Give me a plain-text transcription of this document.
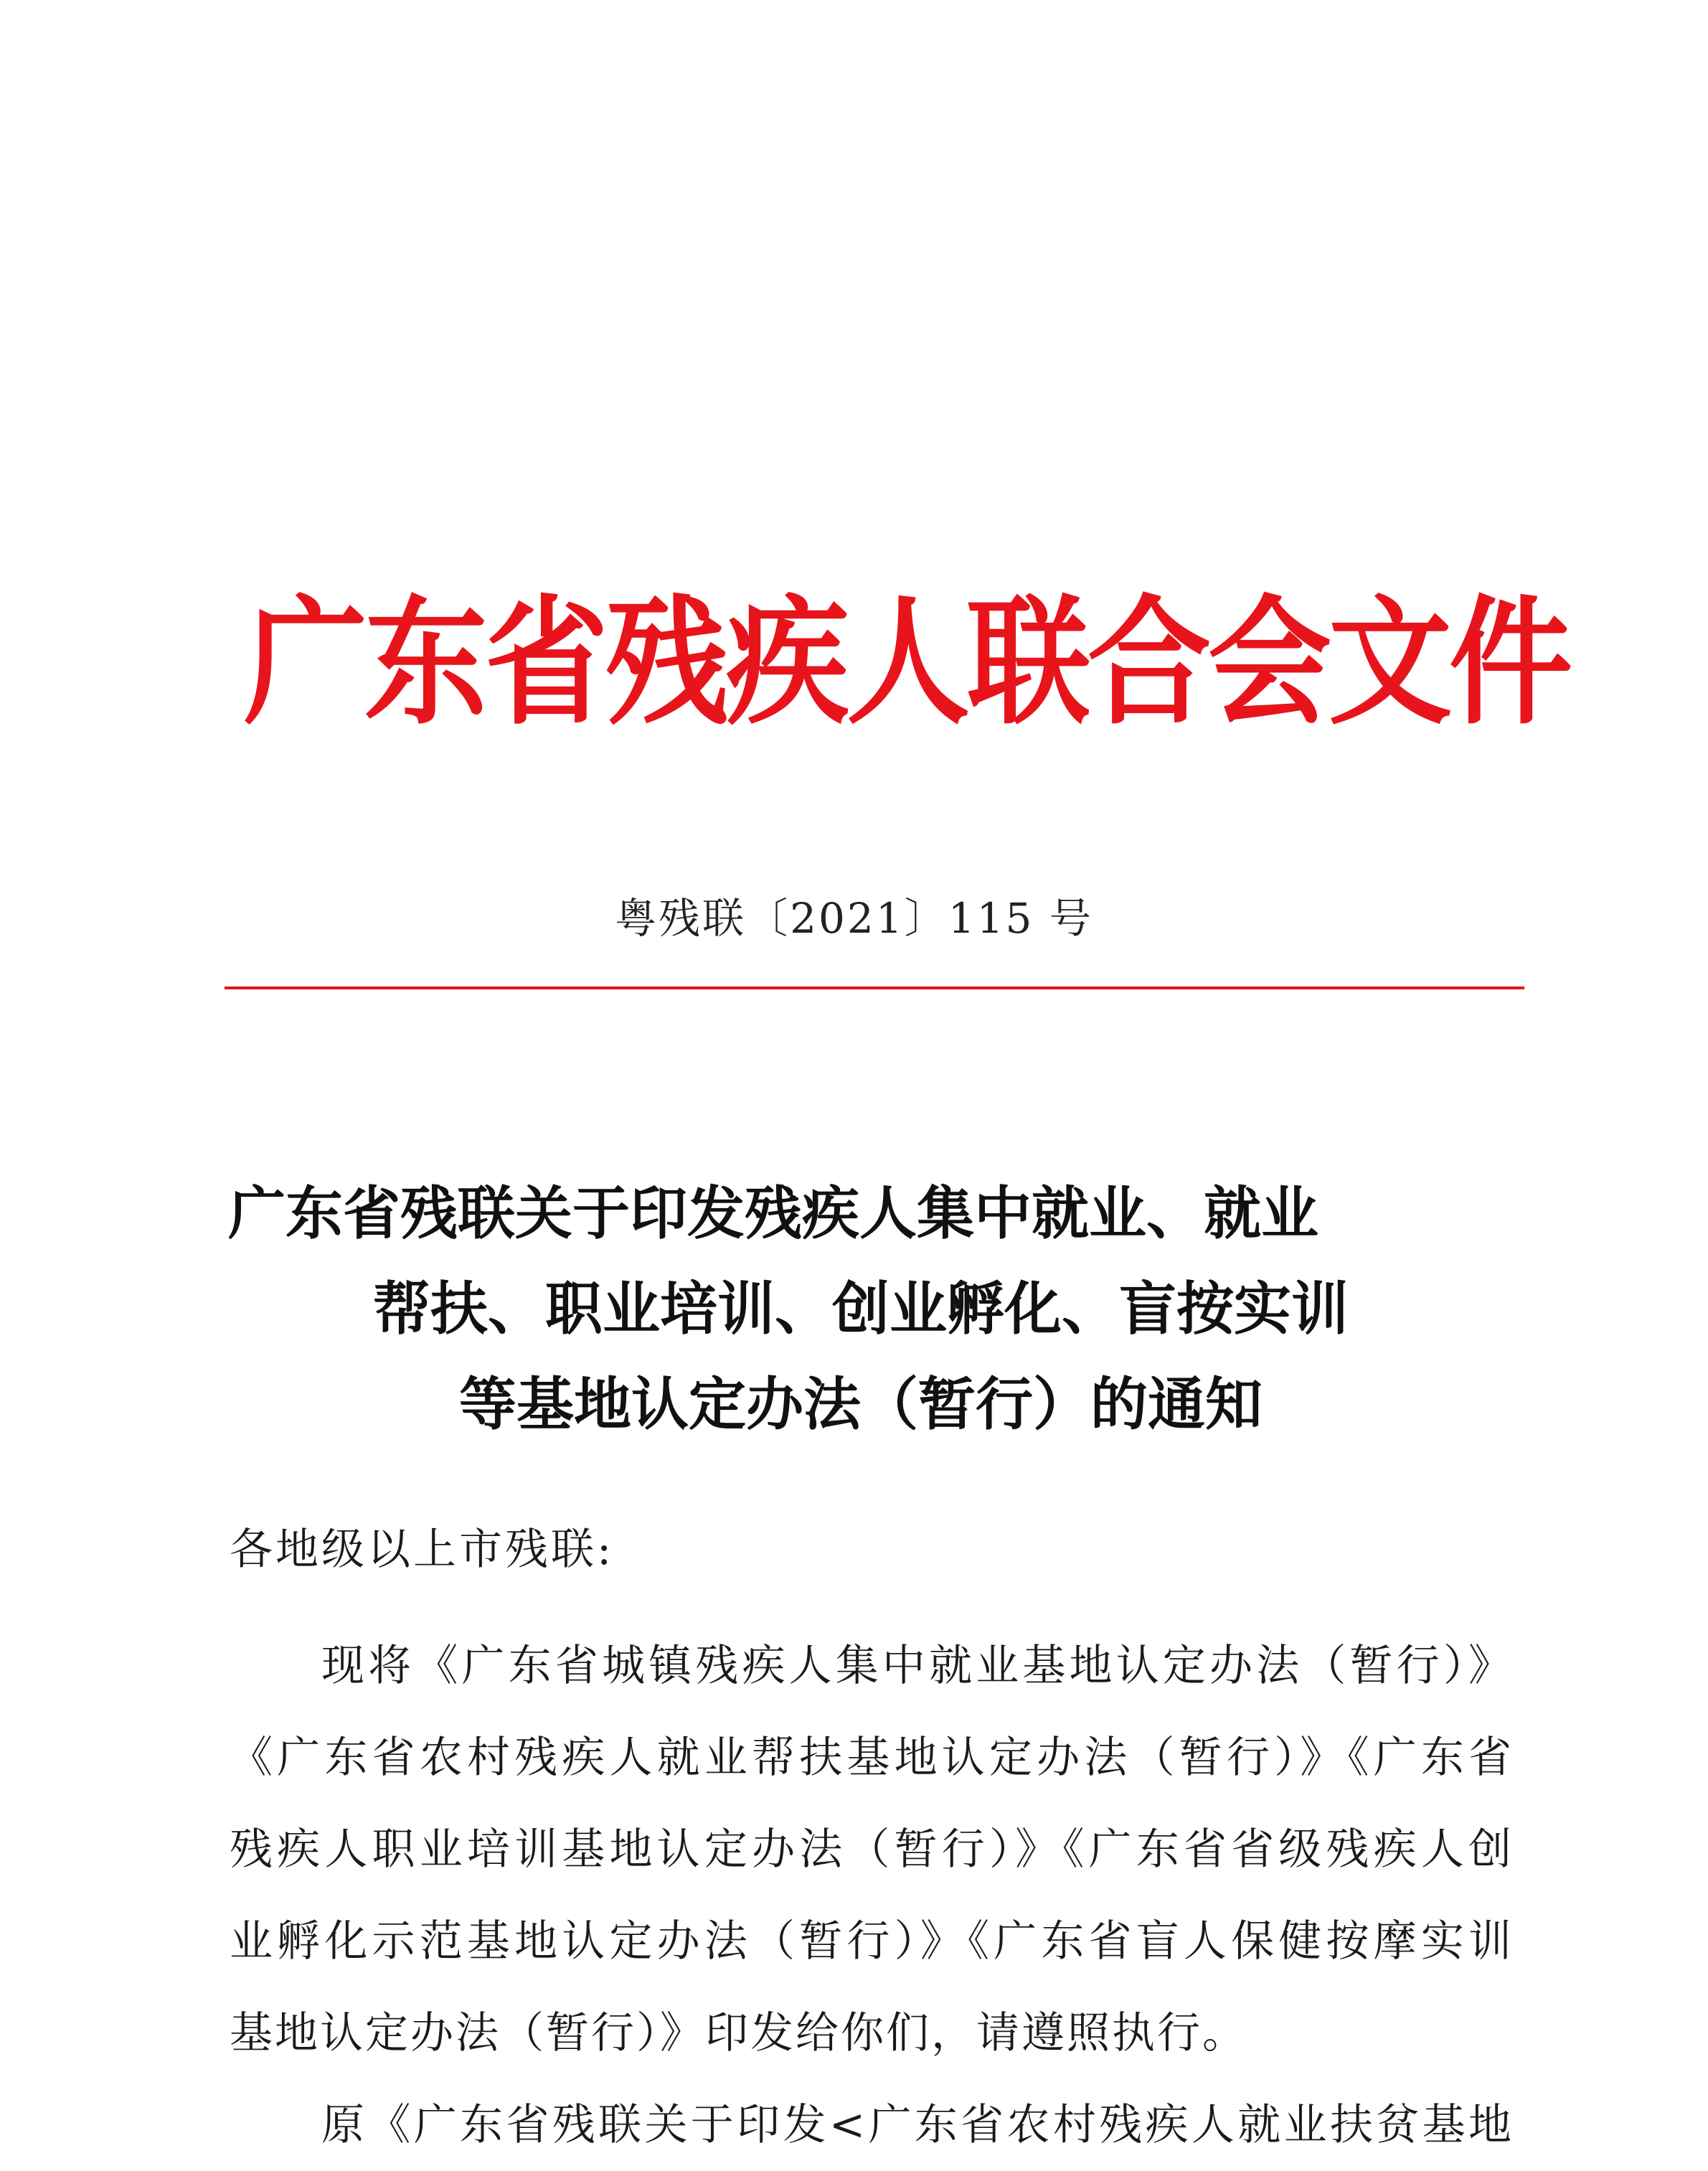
广东省残疾人联合会文件
粤残联〔2021〕115 号
广东省残联关于印发残疾人集中就业、就业
帮扶、职业培训、创业孵化、盲按实训
等基地认定办法（暂行）的通知
各地级以上市残联:
现将《广东省城镇残疾人集中就业基地认定办法（暂行）》
《广东省农村残疾人就业帮扶基地认定办法（暂行）》《广东省
残疾人职业培训基地认定办法（暂行）》《广东省省级残疾人创
业孵化示范基地认定办法（暂行）》《广东省盲人保健按摩实训
基地认定办法（暂行）》印发给你们，请遵照执行。
原《广东省残联关于印发<广东省农村残疾人就业扶贫基地
